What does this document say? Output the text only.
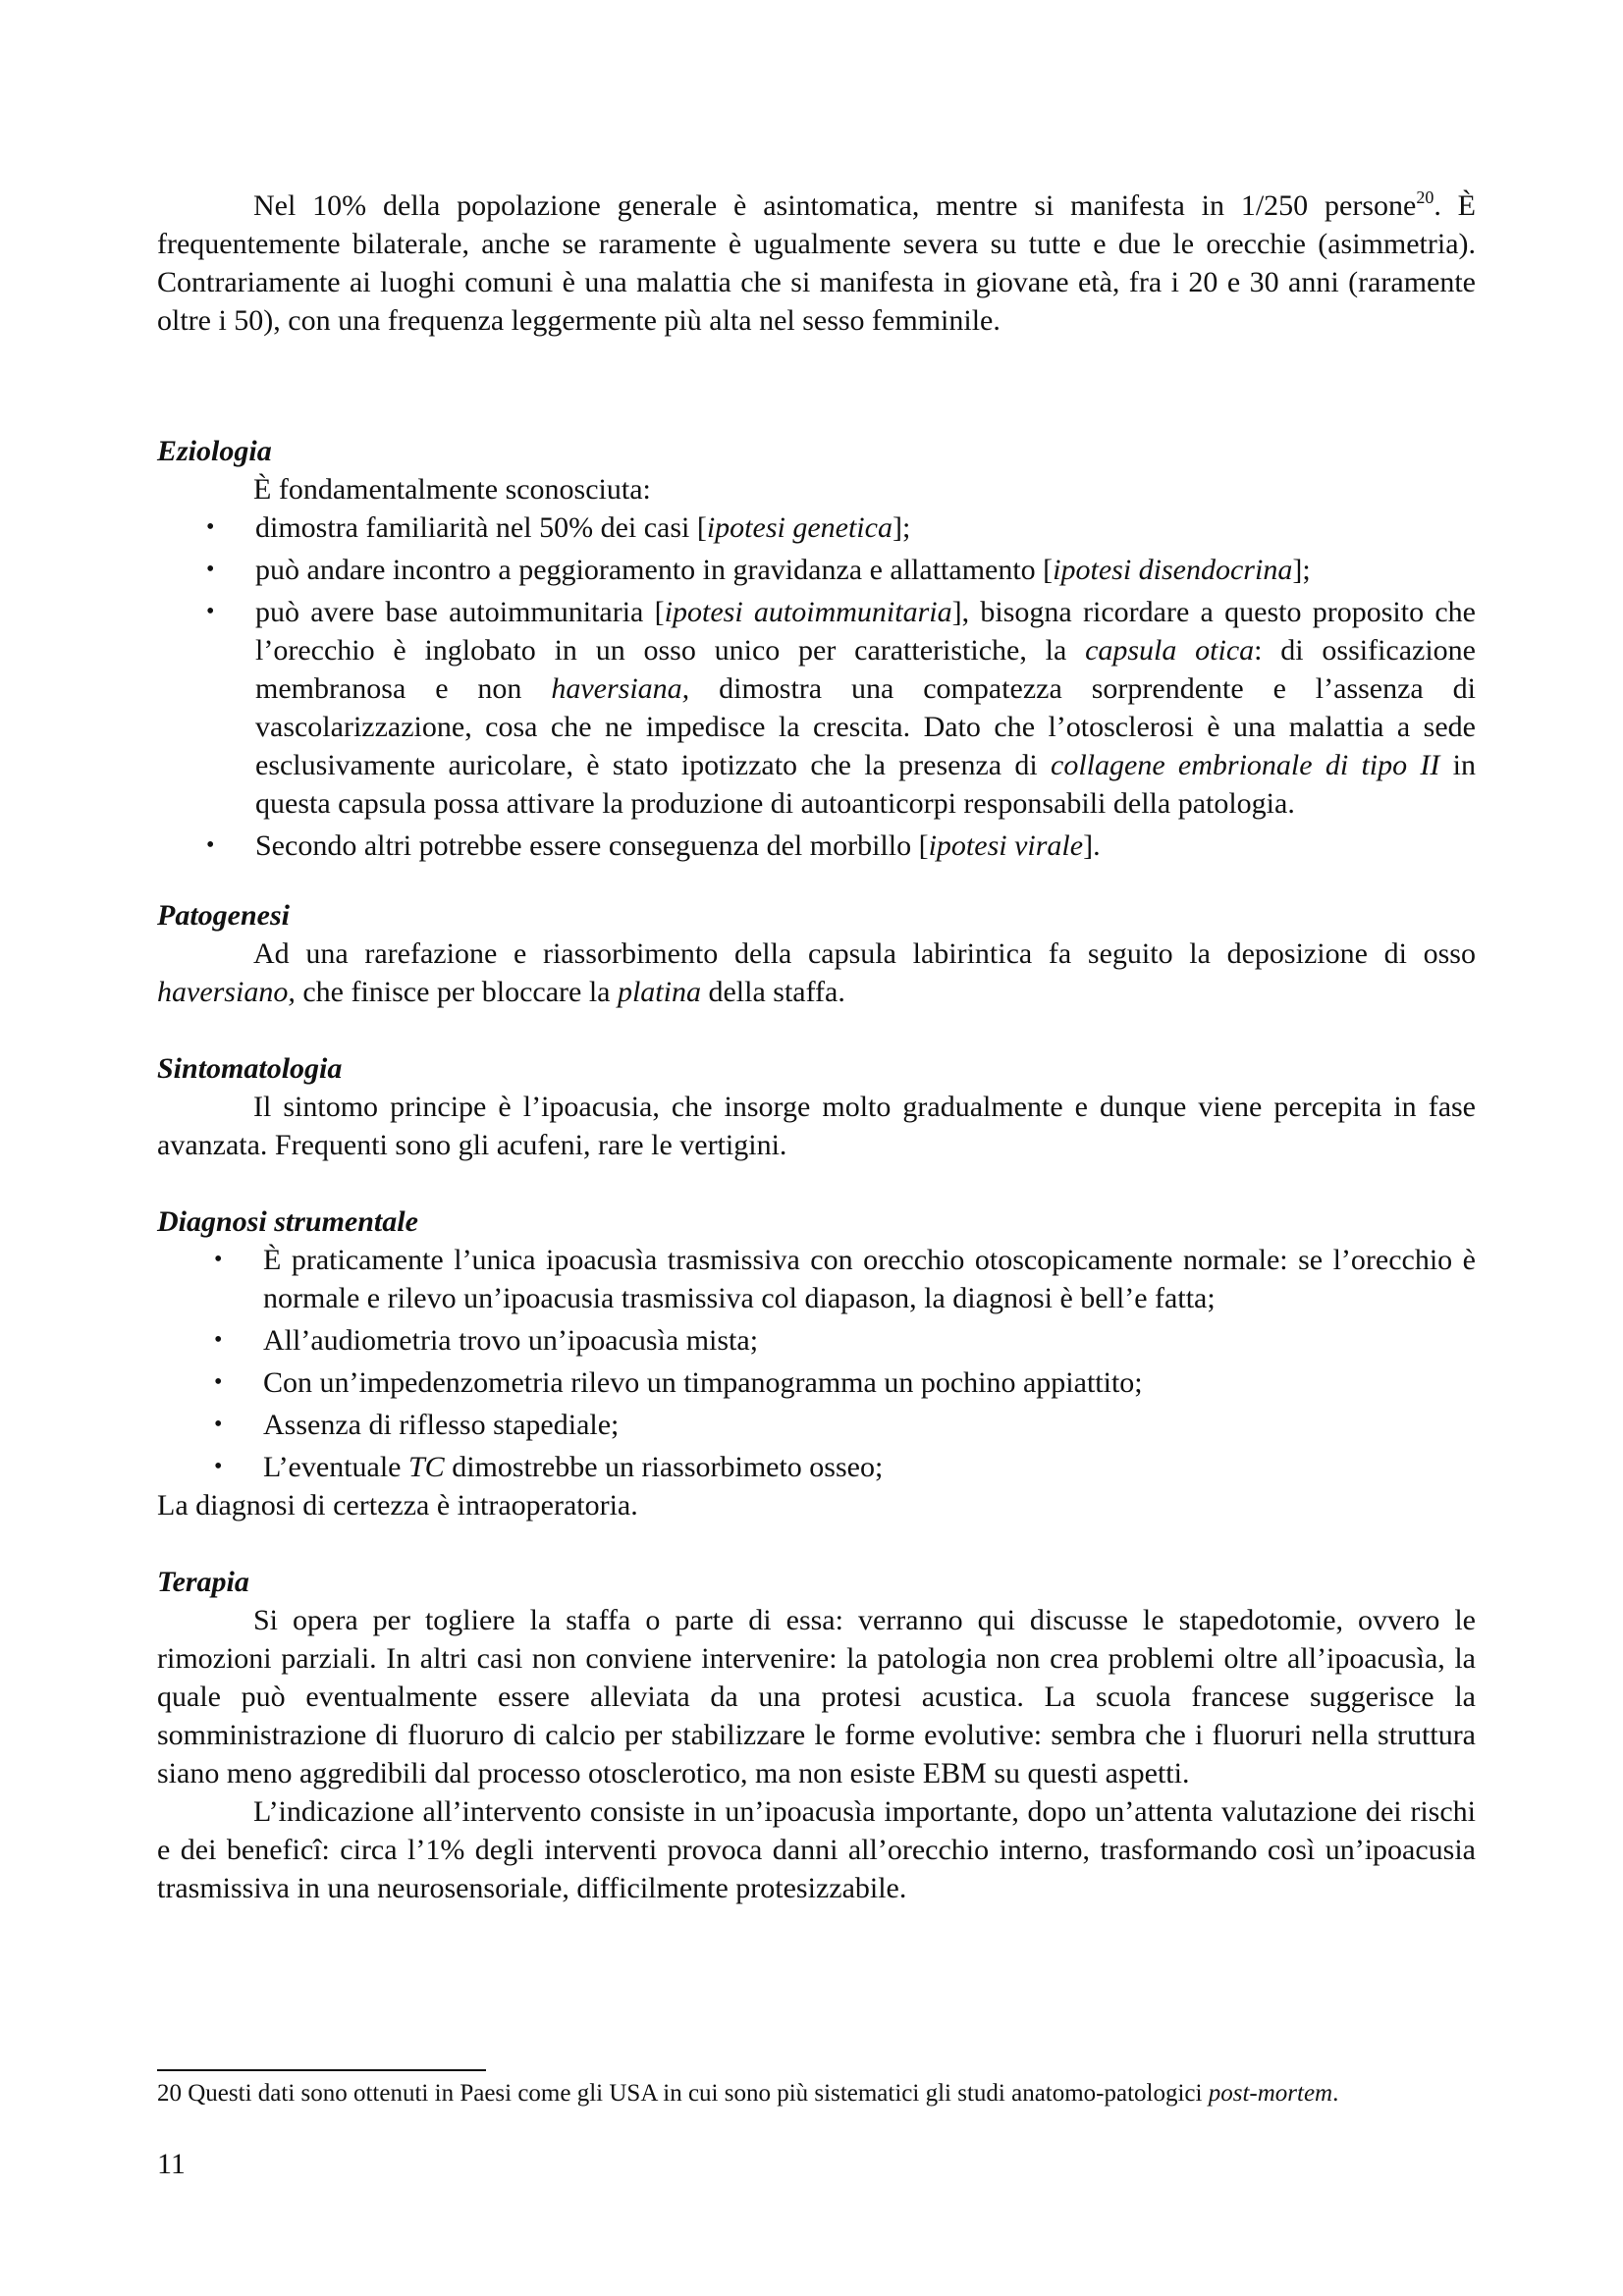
Nel 10% della popolazione generale è asintomatica, mentre si manifesta in 1/250 persone$^{20}$. È frequentemente bilaterale, anche se raramente è ugualmente severa su tutte e due le orecchie (asimmetria). Contrariamente ai luoghi comuni è una malattia che si manifesta in giovane età, fra i 20 e 30 anni (raramente oltre i 50), con una frequenza leggermente più alta nel sesso femminile.

Eziologia

È fondamentalmente sconosciuta:

• dimostra familiarità nel 50% dei casi [ipotesi genetica];
• può andare incontro a peggioramento in gravidanza e allattamento [ipotesi disendocrina];
• può avere base autoimmunitaria [ipotesi autoimmunitaria], bisogna ricordare a questo proposito che l’orecchio è inglobato in un osso unico per caratteristiche, la capsula otica: di ossificazione membranosa e non haversiana, dimostra una compatezza sorprendente e l’assenza di vascolarizzazione, cosa che ne impedisce la crescita. Dato che l’otosclerosi è una malattia a sede esclusivamente auricolare, è stato ipotizzato che la presenza di collagene embrionale di tipo II in questa capsula possa attivare la produzione di autoanticorpi responsabili della patologia.
• Secondo altri potrebbe essere conseguenza del morbillo [ipotesi virale].
Patogenesi

Ad una rarefazione e riassorbimento della capsula labirintica fa seguito la deposizione di osso haversiano, che finisce per bloccare la platina della staffa.

Sintomatologia

Il sintomo principe è l’ipoacusia, che insorge molto gradualmente e dunque viene percepita in fase avanzata. Frequenti sono gli acufeni, rare le vertigini.

Diagnosi strumentale
• È praticamente l’unica ipoacusìa trasmissiva con orecchio otoscopicamente normale: se l’orecchio è normale e rilevo un’ipoacusia trasmissiva col diapason, la diagnosi è bell’e fatta;
• All’audiometria trovo un’ipoacusìa mista;
• Con un’impedenzometria rilevo un timpanogramma un pochino appiattito;
• Assenza di riflesso stapediale;
• L’eventuale TC dimostrebbe un riassorbimeto osseo;

La diagnosi di certezza è intraoperatoria.

Terapia

Si opera per togliere la staffa o parte di essa: verranno qui discusse le stapedotomie, ovvero le rimozioni parziali. In altri casi non conviene intervenire: la patologia non crea problemi oltre all’ipoacusìa, la quale può eventualmente essere alleviata da una protesi acustica. La scuola francese suggerisce la somministrazione di fluoruro di calcio per stabilizzare le forme evolutive: sembra che i fluoruri nella struttura siano meno aggredibili dal processo otosclerotico, ma non esiste EBM su questi aspetti.

L’indicazione all’intervento consiste in un’ipoacusìa importante, dopo un’attenta valutazione dei rischi e dei beneficî: circa l’1% degli interventi provoca danni all’orecchio interno, trasformando così un’ipoacusia trasmissiva in una neurosensoriale, difficilmente protesizzabile.

20 Questi dati sono ottenuti in Paesi come gli USA in cui sono più sistematici gli studi anatomo-patologici post-mortem.
11
